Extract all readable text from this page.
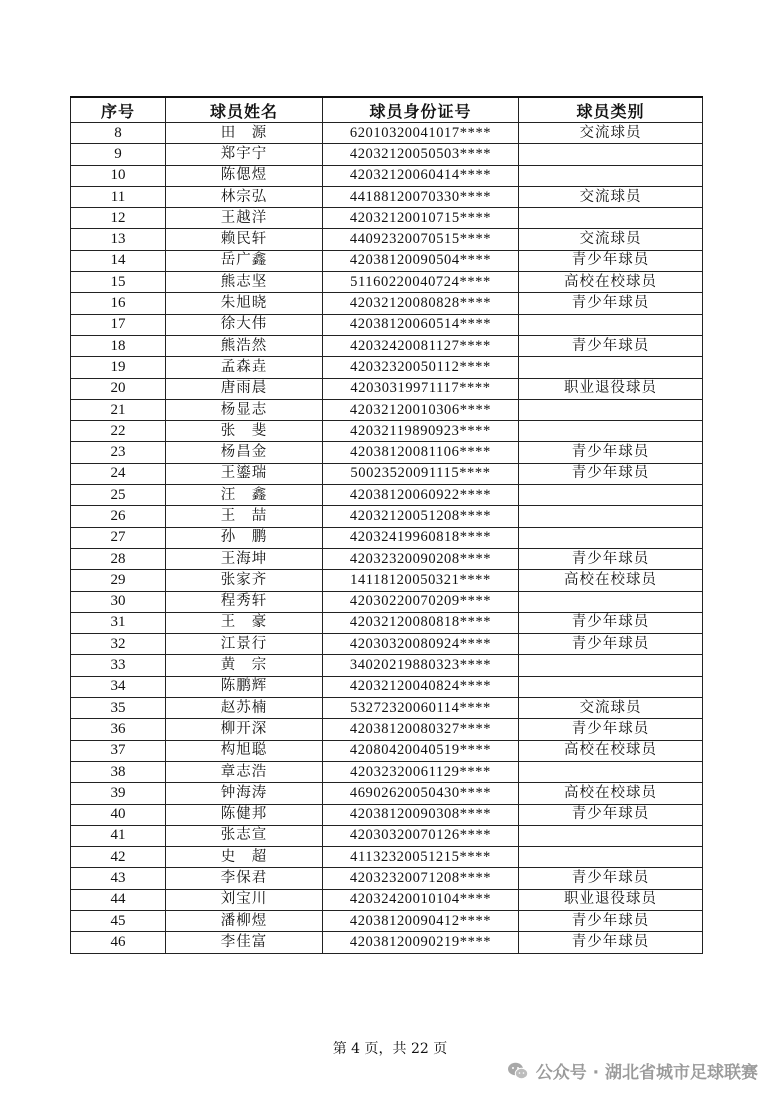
序号	球员姓名	球员身份证号	球员类别
8	田　源	62010320041017****	交流球员
9	郑宇宁	42032120050503****	
10	陈偲煜	42032120060414****	
11	林宗弘	44188120070330****	交流球员
12	王越洋	42032120010715****	
13	赖民轩	44092320070515****	交流球员
14	岳广鑫	42038120090504****	青少年球员
15	熊志坚	51160220040724****	高校在校球员
16	朱旭晓	42032120080828****	青少年球员
17	徐大伟	42038120060514****	
18	熊浩然	42032420081127****	青少年球员
19	孟森垚	42032320050112****	
20	唐雨晨	42030319971117****	职业退役球员
21	杨显志	42032120010306****	
22	张　斐	42032119890923****	
23	杨昌金	42038120081106****	青少年球员
24	王鎏瑞	50023520091115****	青少年球员
25	汪　鑫	42038120060922****	
26	王　喆	42032120051208****	
27	孙　鹏	42032419960818****	
28	王海坤	42032320090208****	青少年球员
29	张家齐	14118120050321****	高校在校球员
30	程秀轩	42030220070209****	
31	王　豪	42032120080818****	青少年球员
32	江景行	42030320080924****	青少年球员
33	黄　宗	34020219880323****	
34	陈鹏辉	42032120040824****	
35	赵苏楠	53272320060114****	交流球员
36	柳开深	42038120080327****	青少年球员
37	构旭聪	42080420040519****	高校在校球员
38	章志浩	42032320061129****	
39	钟海涛	46902620050430****	高校在校球员
40	陈健邦	42038120090308****	青少年球员
41	张志宣	42030320070126****	
42	史　超	41132320051215****	
43	李保君	42032320071208****	青少年球员
44	刘宝川	42032420010104****	职业退役球员
45	潘柳煜	42038120090412****	青少年球员
46	李佳富	42038120090219****	青少年球员
第 4 页，共 22 页
公众号 · 湖北省城市足球联赛
